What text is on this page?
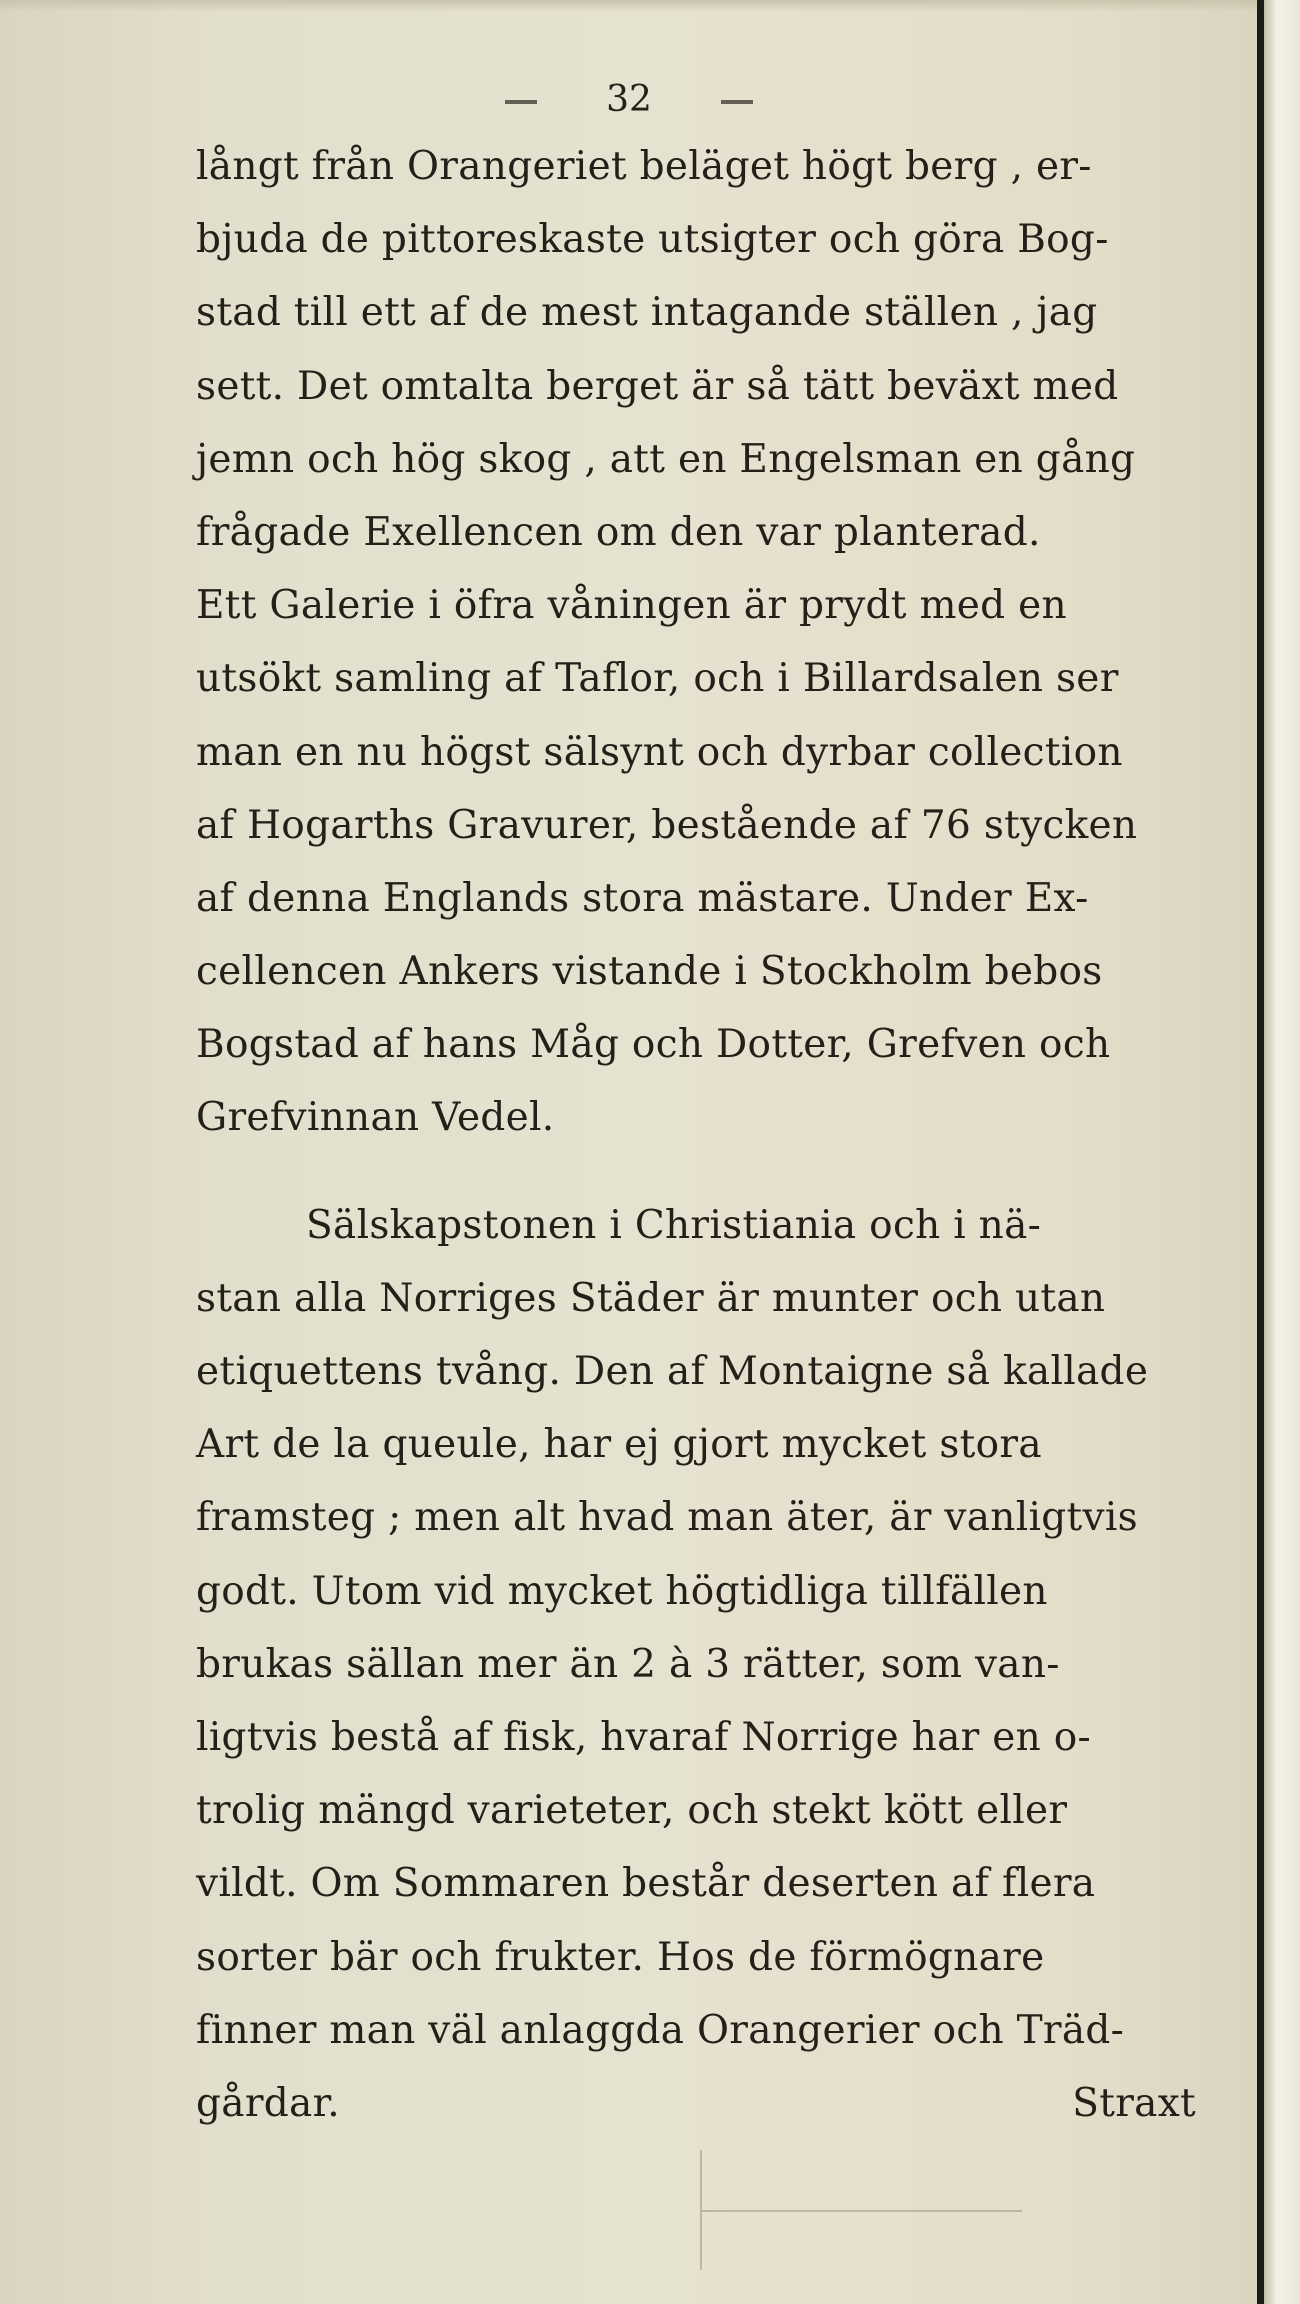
32
långt från Orangeriet beläget högt berg , er-
bjuda de pittoreskaste utsigter och göra Bog-
stad till ett af de mest intagande ställen , jag
sett. Det omtalta berget är så tätt beväxt med
jemn och hög skog , att en Engelsman en gång
frågade Exellencen om den var planterad.
Ett Galerie i öfra våningen är prydt med en
utsökt samling af Taflor, och i Billardsalen ser
man en nu högst sälsynt och dyrbar collection
af Hogarths Gravurer, bestående af 76 stycken
af denna Englands stora mästare. Under Ex-
cellencen Ankers vistande i Stockholm bebos
Bogstad af hans Måg och Dotter, Grefven och
Grefvinnan Vedel.
Sälskapstonen i Christiania och i nä-
stan alla Norriges Städer är munter och utan
etiquettens tvång. Den af Montaigne så kallade
Art de la queule, har ej gjort mycket stora
framsteg ; men alt hvad man äter, är vanligtvis
godt. Utom vid mycket högtidliga tillfällen
brukas sällan mer än 2 à 3 rätter, som van-
ligtvis bestå af fisk, hvaraf Norrige har en o-
trolig mängd varieteter, och stekt kött eller
vildt. Om Sommaren består deserten af flera
sorter bär och frukter. Hos de förmögnare
finner man väl anlaggda Orangerier och Träd-
gårdar.	Straxt
